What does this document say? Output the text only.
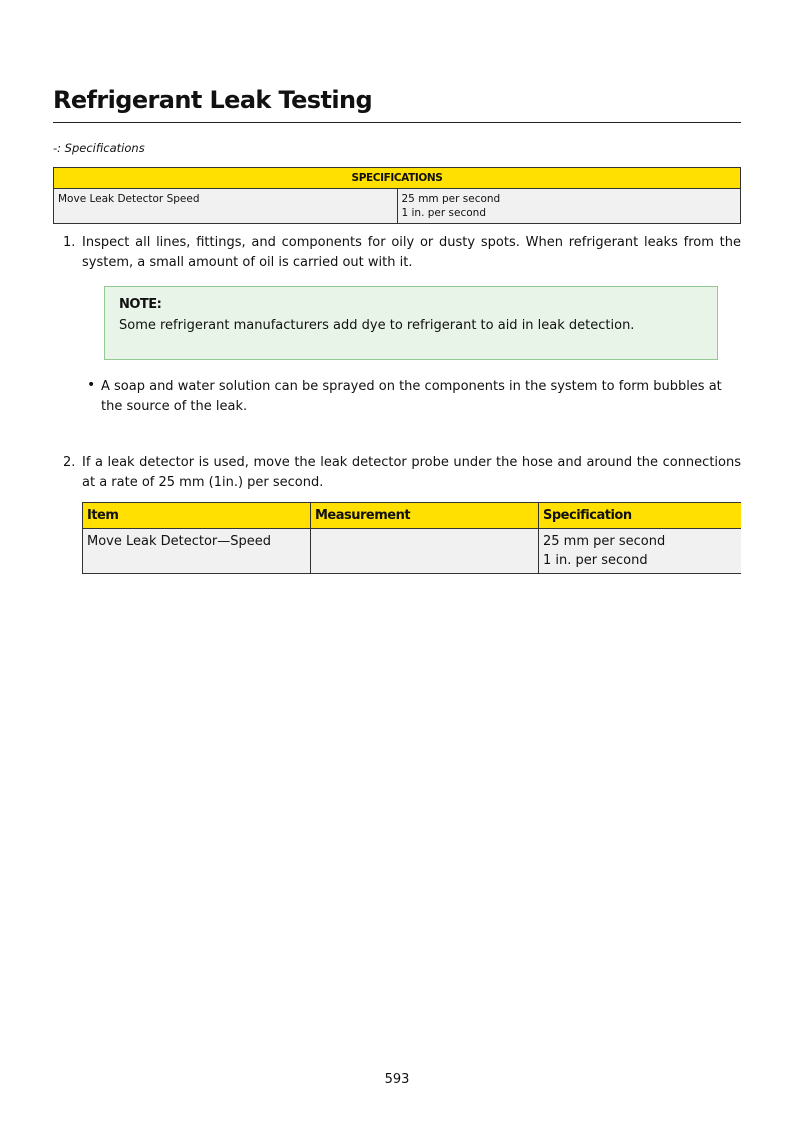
Refrigerant Leak Testing
-: Specifications
SPECIFICATIONS
Move Leak Detector Speed	25 mm per second
1 in. per second
1. Inspect all lines, fittings, and components for oily or dusty spots. When refrigerant leaks from the system, a small amount of oil is carried out with it.
NOTE:
Some refrigerant manufacturers add dye to refrigerant to aid in leak detection.
• A soap and water solution can be sprayed on the components in the system to form bubbles at the source of the leak.
2. If a leak detector is used, move the leak detector probe under the hose and around the connections at a rate of 25 mm (1in.) per second.
Item	Measurement	Specification
Move Leak Detector—Speed		25 mm per second
1 in. per second
593
